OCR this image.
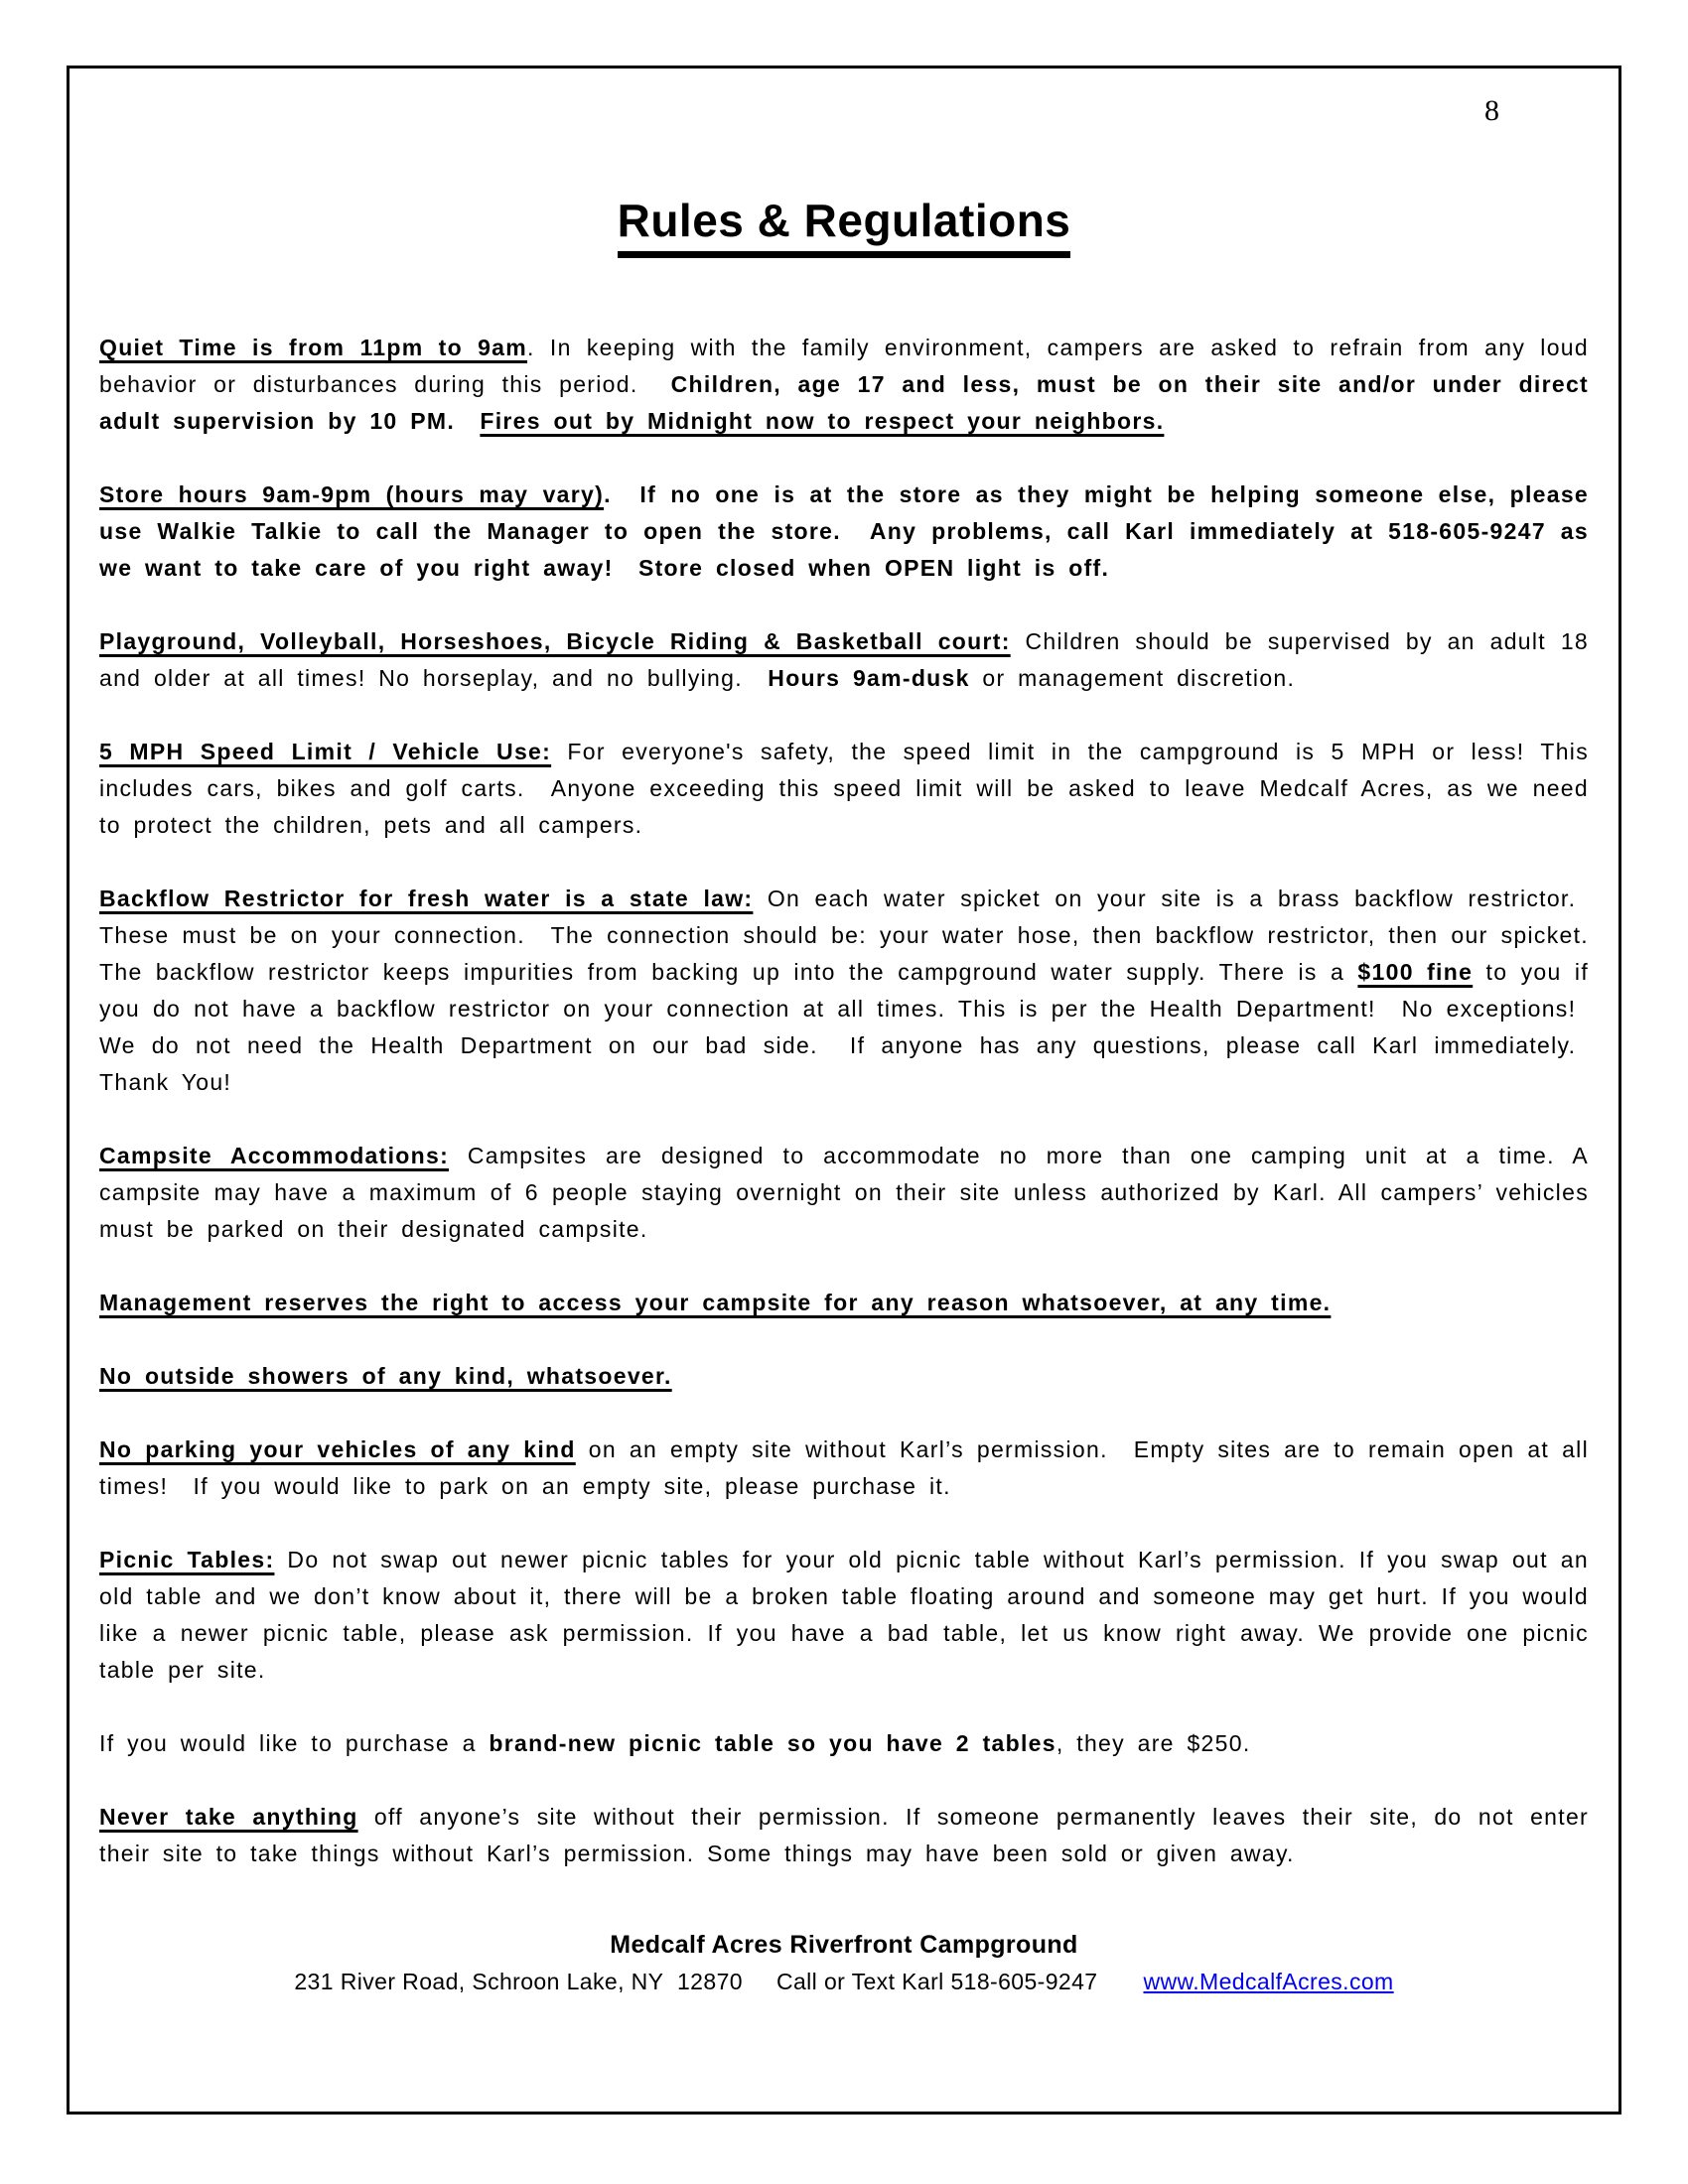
8
Rules & Regulations

Quiet Time is from 11pm to 9am. In keeping with the family environment, campers are asked to refrain from any loud behavior or disturbances during this period.  Children, age 17 and less, must be on their site and/or under direct adult supervision by 10 PM.  Fires out by Midnight now to respect your neighbors.

Store hours 9am-9pm (hours may vary).  If no one is at the store as they might be helping someone else, please use Walkie Talkie to call the Manager to open the store.  Any problems, call Karl immediately at 518-605-9247 as we want to take care of you right away!  Store closed when OPEN light is off.

Playground, Volleyball, Horseshoes, Bicycle Riding & Basketball court: Children should be supervised by an adult 18 and older at all times! No horseplay, and no bullying.  Hours 9am-dusk or management discretion.

5 MPH Speed Limit / Vehicle Use: For everyone's safety, the speed limit in the campground is 5 MPH or less! This includes cars, bikes and golf carts.  Anyone exceeding this speed limit will be asked to leave Medcalf Acres, as we need to protect the children, pets and all campers.

Backflow Restrictor for fresh water is a state law: On each water spicket on your site is a brass backflow restrictor.  These must be on your connection.  The connection should be: your water hose, then backflow restrictor, then our spicket. The backflow restrictor keeps impurities from backing up into the campground water supply. There is a $100 fine to you if you do not have a backflow restrictor on your connection at all times. This is per the Health Department!  No exceptions!  We do not need the Health Department on our bad side.  If anyone has any questions, please call Karl immediately.  Thank You!

Campsite Accommodations: Campsites are designed to accommodate no more than one camping unit at a time. A campsite may have a maximum of 6 people staying overnight on their site unless authorized by Karl. All campers’ vehicles must be parked on their designated campsite.

Management reserves the right to access your campsite for any reason whatsoever, at any time.

No outside showers of any kind, whatsoever.

No parking your vehicles of any kind on an empty site without Karl’s permission.  Empty sites are to remain open at all times!  If you would like to park on an empty site, please purchase it.

Picnic Tables: Do not swap out newer picnic tables for your old picnic table without Karl’s permission. If you swap out an old table and we don’t know about it, there will be a broken table floating around and someone may get hurt. If you would like a newer picnic table, please ask permission. If you have a bad table, let us know right away. We provide one picnic table per site.

If you would like to purchase a brand-new picnic table so you have 2 tables, they are $250.

Never take anything off anyone’s site without their permission. If someone permanently leaves their site, do not enter their site to take things without Karl’s permission. Some things may have been sold or given away.

Medcalf Acres Riverfront Campground
231 River Road, Schroon Lake, NY  12870 Call or Text Karl 518-605-9247 www.MedcalfAcres.com
